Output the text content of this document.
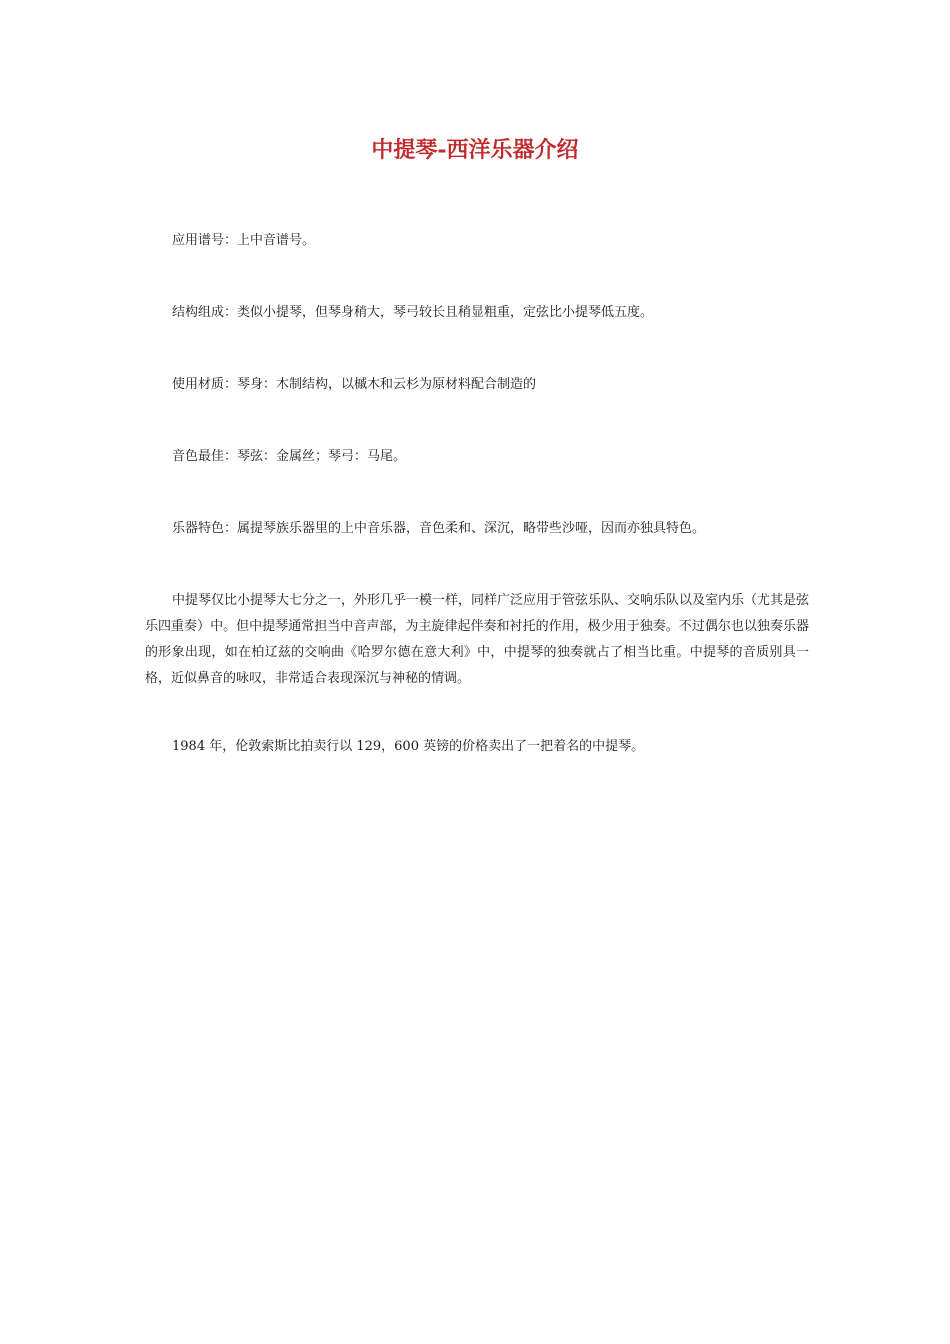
中提琴-西洋乐器介绍

应用谱号：上中音谱号。

结构组成：类似小提琴，但琴身稍大，琴弓较长且稍显粗重，定弦比小提琴低五度。

使用材质：琴身：木制结构，以槭木和云杉为原材料配合制造的

音色最佳：琴弦：金属丝；琴弓：马尾。

乐器特色：属提琴族乐器里的上中音乐器，音色柔和、深沉，略带些沙哑，因而亦独具特色。

中提琴仅比小提琴大七分之一，外形几乎一模一样，同样广泛应用于管弦乐队、交响乐队以及室内乐（尤其是弦乐四重奏）中。但中提琴通常担当中音声部，为主旋律起伴奏和衬托的作用，极少用于独奏。不过偶尔也以独奏乐器的形象出现，如在柏辽兹的交响曲《哈罗尔德在意大利》中，中提琴的独奏就占了相当比重。中提琴的音质别具一格，近似鼻音的咏叹，非常适合表现深沉与神秘的情调。

1984 年，伦敦索斯比拍卖行以 129，600 英镑的价格卖出了一把着名的中提琴。
